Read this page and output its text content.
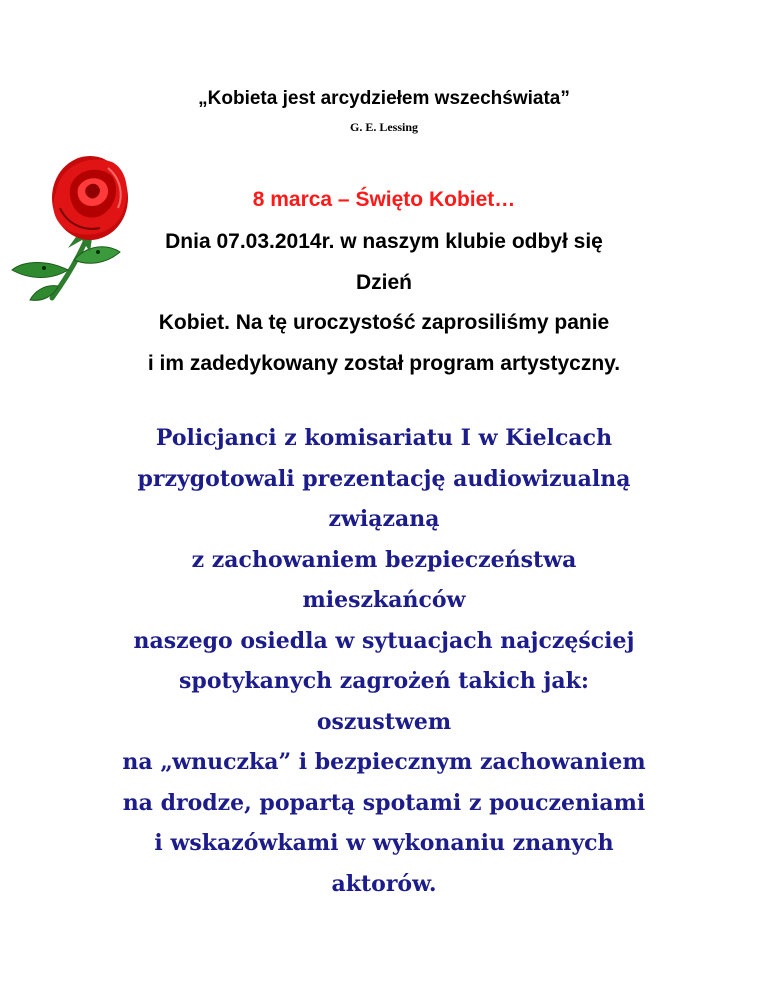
„Kobieta jest arcydziełem wszechświata”
G. E. Lessing
8 marca – Święto Kobiet…
Dnia 07.03.2014r. w naszym klubie odbył się
Dzień
Kobiet. Na tę uroczystość zaprosiliśmy panie
i im zadedykowany został program artystyczny.
Policjanci z komisariatu I w Kielcach
przygotowali prezentację audiowizualną
związaną
z zachowaniem bezpieczeństwa
mieszkańców
naszego osiedla w sytuacjach najczęściej
spotykanych zagrożeń takich jak:
oszustwem
na „wnuczka” i bezpiecznym zachowaniem
na drodze, popartą spotami z pouczeniami
i wskazówkami w wykonaniu znanych
aktorów.
